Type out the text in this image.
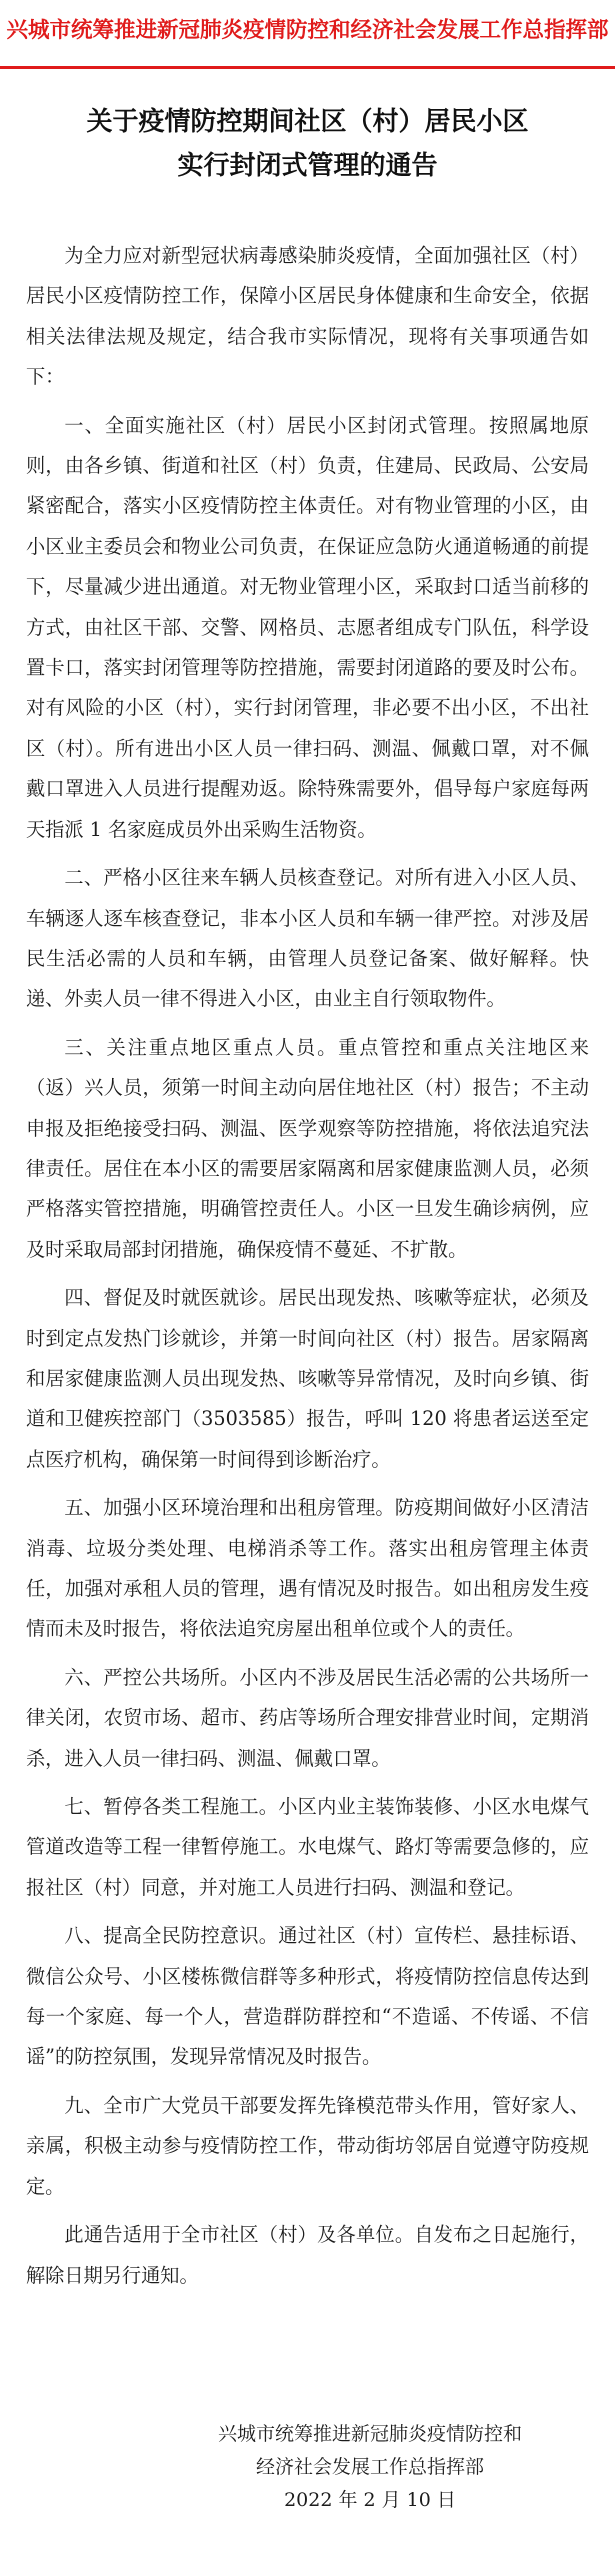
兴城市统筹推进新冠肺炎疫情防控和经济社会发展工作总指挥部
关于疫情防控期间社区（村）居民小区
实行封闭式管理的通告

为全力应对新型冠状病毒感染肺炎疫情，全面加强社区（村）居民小区疫情防控工作，保障小区居民身体健康和生命安全，依据相关法律法规及规定，结合我市实际情况，现将有关事项通告如下：

一、全面实施社区（村）居民小区封闭式管理。按照属地原则，由各乡镇、街道和社区（村）负责，住建局、民政局、公安局紧密配合，落实小区疫情防控主体责任。对有物业管理的小区，由小区业主委员会和物业公司负责，在保证应急防火通道畅通的前提下，尽量减少进出通道。对无物业管理小区，采取封口适当前移的方式，由社区干部、交警、网格员、志愿者组成专门队伍，科学设置卡口，落实封闭管理等防控措施，需要封闭道路的要及时公布。对有风险的小区（村），实行封闭管理，非必要不出小区，不出社区（村）。所有进出小区人员一律扫码、测温、佩戴口罩，对不佩戴口罩进入人员进行提醒劝返。除特殊需要外，倡导每户家庭每两天指派 1 名家庭成员外出采购生活物资。

二、严格小区往来车辆人员核查登记。对所有进入小区人员、车辆逐人逐车核查登记，非本小区人员和车辆一律严控。对涉及居民生活必需的人员和车辆，由管理人员登记备案、做好解释。快递、外卖人员一律不得进入小区，由业主自行领取物件。

三、关注重点地区重点人员。重点管控和重点关注地区来（返）兴人员，须第一时间主动向居住地社区（村）报告；不主动申报及拒绝接受扫码、测温、医学观察等防控措施，将依法追究法律责任。居住在本小区的需要居家隔离和居家健康监测人员，必须严格落实管控措施，明确管控责任人。小区一旦发生确诊病例，应及时采取局部封闭措施，确保疫情不蔓延、不扩散。

四、督促及时就医就诊。居民出现发热、咳嗽等症状，必须及时到定点发热门诊就诊，并第一时间向社区（村）报告。居家隔离和居家健康监测人员出现发热、咳嗽等异常情况，及时向乡镇、街道和卫健疾控部门（3503585）报告，呼叫 120 将患者运送至定点医疗机构，确保第一时间得到诊断治疗。

五、加强小区环境治理和出租房管理。防疫期间做好小区清洁消毒、垃圾分类处理、电梯消杀等工作。落实出租房管理主体责任，加强对承租人员的管理，遇有情况及时报告。如出租房发生疫情而未及时报告，将依法追究房屋出租单位或个人的责任。

六、严控公共场所。小区内不涉及居民生活必需的公共场所一律关闭，农贸市场、超市、药店等场所合理安排营业时间，定期消杀，进入人员一律扫码、测温、佩戴口罩。

七、暂停各类工程施工。小区内业主装饰装修、小区水电煤气管道改造等工程一律暂停施工。水电煤气、路灯等需要急修的，应报社区（村）同意，并对施工人员进行扫码、测温和登记。

八、提高全民防控意识。通过社区（村）宣传栏、悬挂标语、微信公众号、小区楼栋微信群等多种形式，将疫情防控信息传达到每一个家庭、每一个人，营造群防群控和“不造谣、不传谣、不信谣”的防控氛围，发现异常情况及时报告。

九、全市广大党员干部要发挥先锋模范带头作用，管好家人、亲属，积极主动参与疫情防控工作，带动街坊邻居自觉遵守防疫规定。

此通告适用于全市社区（村）及各单位。自发布之日起施行，解除日期另行通知。

兴城市统筹推进新冠肺炎疫情防控和
经济社会发展工作总指挥部
2022 年 2 月 10 日
